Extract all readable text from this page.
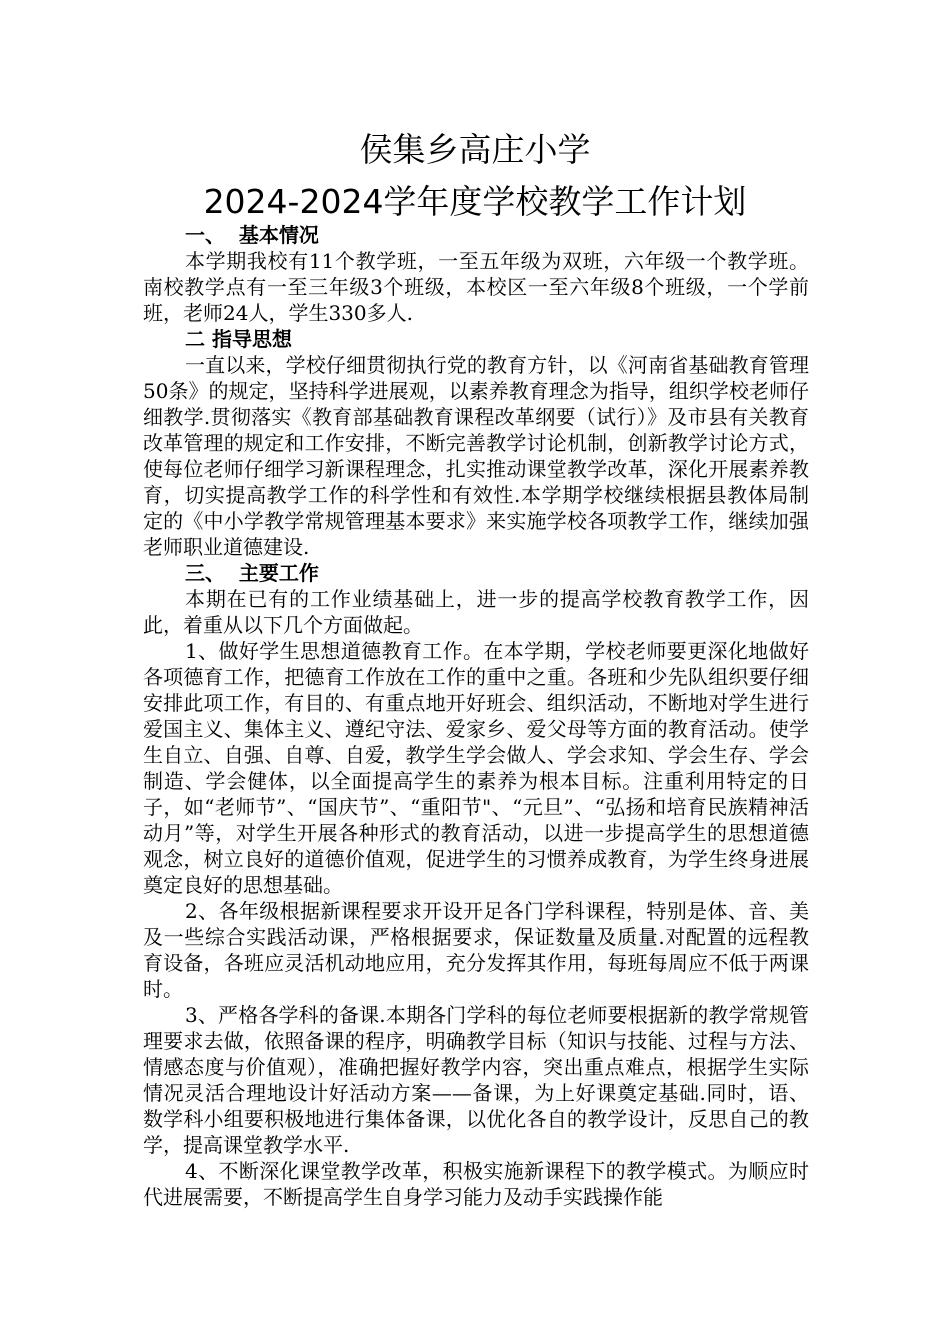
侯集乡高庄小学
2024-2024学年度学校教学工作计划
一、  基本情况

本学期我校有11个教学班，一至五年级为双班，六年级一个教学班。南校教学点有一至三年级3个班级，本校区一至六年级8个班级，一个学前班，老师24人，学生330多人.

二 指导思想

一直以来，学校仔细贯彻执行党的教育方针，以《河南省基础教育管理50条》的规定，坚持科学进展观，以素养教育理念为指导，组织学校老师仔细教学.贯彻落实《教育部基础教育课程改革纲要（试行）》及市县有关教育改革管理的规定和工作安排，不断完善教学讨论机制，创新教学讨论方式，使每位老师仔细学习新课程理念，扎实推动课堂教学改革，深化开展素养教育，切实提高教学工作的科学性和有效性.本学期学校继续根据县教体局制定的《中小学教学常规管理基本要求》来实施学校各项教学工作，继续加强老师职业道德建设.

三、  主要工作

本期在已有的工作业绩基础上，进一步的提高学校教育教学工作，因此，着重从以下几个方面做起。

1、做好学生思想道德教育工作。在本学期，学校老师要更深化地做好各项德育工作，把德育工作放在工作的重中之重。各班和少先队组织要仔细安排此项工作，有目的、有重点地开好班会、组织活动，不断地对学生进行爱国主义、集体主义、遵纪守法、爱家乡、爱父母等方面的教育活动。使学生自立、自强、自尊、自爱，教学生学会做人、学会求知、学会生存、学会制造、学会健体，以全面提高学生的素养为根本目标。注重利用特定的日子，如“老师节”、“国庆节”、“重阳节"、“元旦”、“弘扬和培育民族精神活动月”等，对学生开展各种形式的教育活动，以进一步提高学生的思想道德观念，树立良好的道德价值观，促进学生的习惯养成教育，为学生终身进展奠定良好的思想基础。

2、各年级根据新课程要求开设开足各门学科课程，特别是体、音、美及一些综合实践活动课，严格根据要求，保证数量及质量.对配置的远程教育设备，各班应灵活机动地应用，充分发挥其作用，每班每周应不低于两课时。

3、严格各学科的备课.本期各门学科的每位老师要根据新的教学常规管理要求去做，依照备课的程序，明确教学目标（知识与技能、过程与方法、情感态度与价值观），准确把握好教学内容，突出重点难点，根据学生实际情况灵活合理地设计好活动方案——备课，为上好课奠定基础.同时，语、数学科小组要积极地进行集体备课，以优化各自的教学设计，反思自己的教学，提高课堂教学水平.

4、不断深化课堂教学改革，积极实施新课程下的教学模式。为顺应时代进展需要，不断提高学生自身学习能力及动手实践操作能
